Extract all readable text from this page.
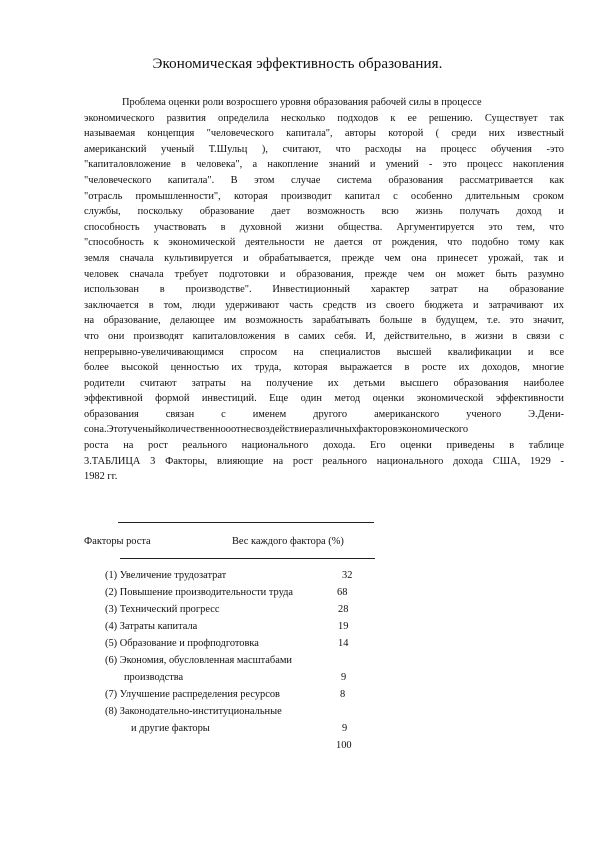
Экономическая эффективность образования.
Проблема оценки роли возросшего уровня образования рабочей силы в процессе
экономического развития определила несколько подходов к ее решению. Существует так
называемая концепция "человеческого капитала", авторы которой ( среди них известный
американский ученый Т.Шульц ), считают, что расходы на процесс обучения -это
"капиталовложение в человека", а накопление знаний и умений - это процесс накопления
"человеческого капитала". В этом случае система образования рассматривается как
"отрасль промышленности", которая производит капитал с особенно длительным сроком
службы, поскольку образование дает возможность всю жизнь получать доход и
способность участвовать в духовной жизни общества. Аргументируется это тем, что
"способность к экономической деятельности не дается от рождения, что подобно тому как
земля сначала культивируется и обрабатывается, прежде чем она принесет урожай, так и
человек сначала требует подготовки и образования, прежде чем он может быть разумно
использован в производстве". Инвестиционный характер затрат на образование
заключается в том, люди удерживают часть средств из своего бюджета и затрачивают их
на образование, делающее им возможность зарабатывать больше в будущем, т.е. это значит,
что они производят капиталовложения в самих себя. И, действительно, в жизни в связи с
непрерывно-увеличивающимся спросом на специалистов высшей квалификации и все
более высокой ценностью их труда, которая выражается в росте их доходов, многие
родители считают затраты на получение их детьми высшего образования наиболее
эффективной формой инвестиций. Еще один метод оценки экономической эффективности
образования связан с именем другого американского ученого Э.Дени-
сона.Этотученыйколичественнооотнесвоздействиеразличныхфакторовэкономического
роста на рост реального национального дохода. Его оценки приведены в таблице
3.ТАБЛИЦА 3 Факторы, влияющие на рост реального национального дохода США, 1929 -
1982 гг.
Факторы роста	Вес каждого фактора (%)
(1) Увеличение трудозатрат	32
(2) Повышение производительности труда	68
(3) Технический прогресс	28
(4) Затраты капитала	19
(5) Образование и профподготовка	14
(6) Экономия, обусловленная масштабами
производства	9
(7) Улучшение распределения ресурсов	8
(8) Законодательно-институциональные
и другие факторы	9
100
